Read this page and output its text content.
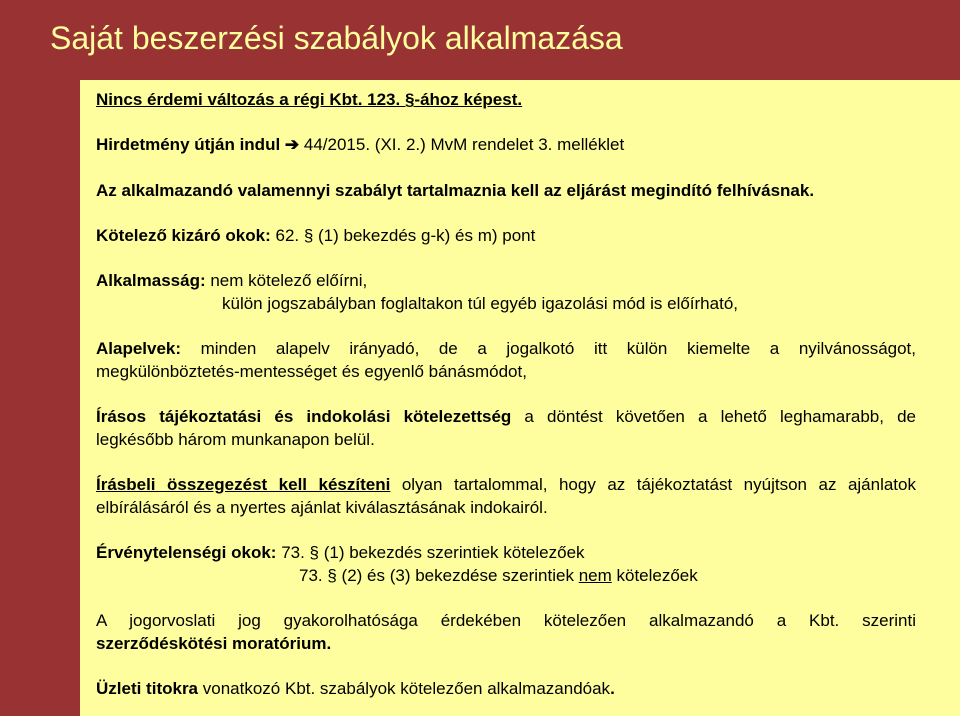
Saját beszerzési szabályok alkalmazása
Nincs érdemi változás a régi Kbt. 123. §-ához képest.
Hirdetmény útján indul ➔ 44/2015. (XI. 2.) MvM rendelet 3. melléklet
Az alkalmazandó valamennyi szabályt tartalmaznia kell az eljárást megindító felhívásnak.
Kötelező kizáró okok: 62. § (1) bekezdés g-k) és m) pont
Alkalmasság: nem kötelező előírni,
külön jogszabályban foglaltakon túl egyéb igazolási mód is előírható,
Alapelvek: minden alapelv irányadó, de a jogalkotó itt külön kiemelte a nyilvánosságot,
megkülönböztetés-mentességet és egyenlő bánásmódot,
Írásos tájékoztatási és indokolási kötelezettség a döntést követően a lehető leghamarabb, de
legkésőbb három munkanapon belül.
Írásbeli összegezést kell készíteni olyan tartalommal, hogy az tájékoztatást nyújtson az ajánlatok
elbírálásáról és a nyertes ajánlat kiválasztásának indokairól.
Érvénytelenségi okok: 73. § (1) bekezdés szerintiek kötelezőek
73. § (2) és (3) bekezdése szerintiek nem kötelezőek
A jogorvoslati jog gyakorolhatósága érdekében kötelezően alkalmazandó a Kbt. szerinti
szerződéskötési moratórium.
Üzleti titokra vonatkozó Kbt. szabályok kötelezően alkalmazandóak.
